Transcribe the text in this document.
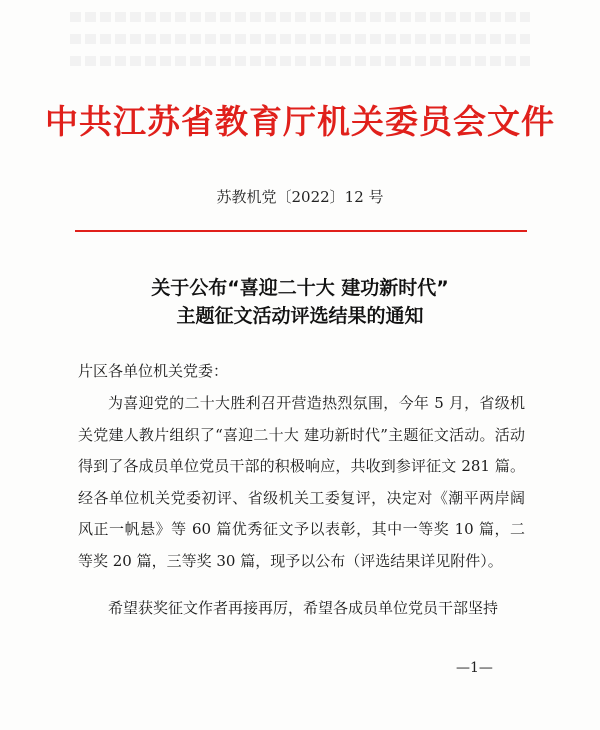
中共江苏省教育厅机关委员会文件
苏教机党〔2022〕12 号
关于公布“喜迎二十大 建功新时代”
主题征文活动评选结果的通知
片区各单位机关党委：
为喜迎党的二十大胜利召开营造热烈氛围，今年 5 月，省级机关党建人教片组织了“喜迎二十大 建功新时代”主题征文活动。活动得到了各成员单位党员干部的积极响应，共收到参评征文 281 篇。经各单位机关党委初评、省级机关工委复评，决定对《潮平两岸阔 风正一帆悬》等 60 篇优秀征文予以表彰，其中一等奖 10 篇，二等奖 20 篇，三等奖 30 篇，现予以公布（评选结果详见附件）。
希望获奖征文作者再接再厉，希望各成员单位党员干部坚持
—1—
